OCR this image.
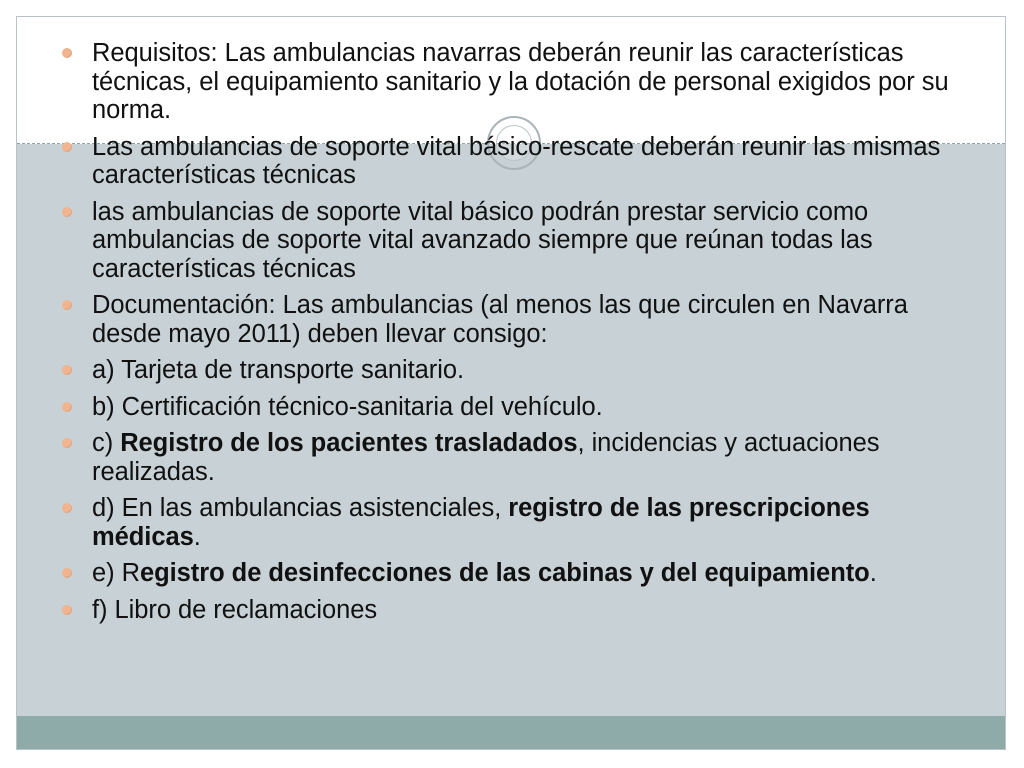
Requisitos: Las ambulancias navarras deberán reunir las características técnicas, el equipamiento sanitario y la dotación de personal exigidos por su norma.
Las ambulancias de soporte vital básico-rescate deberán reunir las mismas características técnicas
las ambulancias de soporte vital básico podrán prestar servicio como ambulancias de soporte vital avanzado siempre que reúnan todas las características técnicas
Documentación: Las ambulancias (al menos las que circulen en Navarra desde mayo 2011) deben llevar consigo:
a) Tarjeta de transporte sanitario.
b) Certificación técnico-sanitaria del vehículo.
c) Registro de los pacientes trasladados, incidencias y actuaciones realizadas.
d) En las ambulancias asistenciales, registro de las prescripciones médicas.
e) Registro de desinfecciones de las cabinas y del equipamiento.
f) Libro de reclamaciones
